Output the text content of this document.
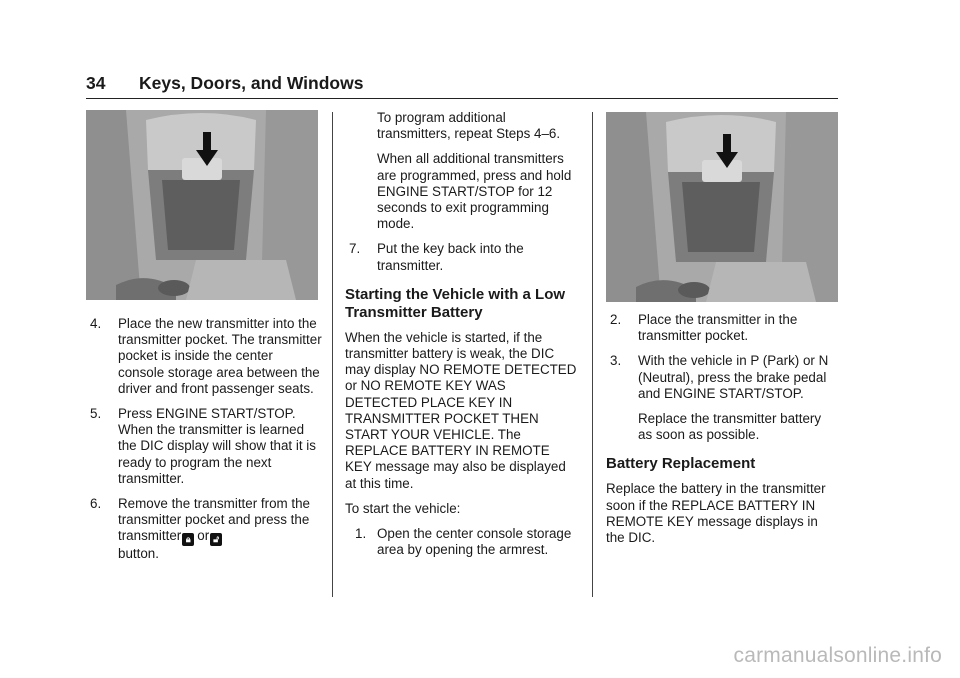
34 Keys, Doors, and Windows
4. Place the new transmitter into the transmitter pocket. The transmitter pocket is inside the center console storage area between the driver and front passenger seats.

5. Press ENGINE START/STOP. When the transmitter is learned the DIC display will show that it is ready to program the next transmitter.

6. Remove the transmitter from the transmitter pocket and press the transmitter 🔒︎ or 🔓︎
button.

To program additional transmitters, repeat Steps 4–6.

When all additional transmitters are programmed, press and hold ENGINE START/STOP for 12 seconds to exit programming mode.

7. Put the key back into the transmitter.

Starting the Vehicle with a Low Transmitter Battery

When the vehicle is started, if the transmitter battery is weak, the DIC may display NO REMOTE DETECTED or NO REMOTE KEY WAS DETECTED PLACE KEY IN TRANSMITTER POCKET THEN START YOUR VEHICLE. The REPLACE BATTERY IN REMOTE KEY message may also be displayed at this time.

To start the vehicle:

1. Open the center console storage area by opening the armrest.

2. Place the transmitter in the transmitter pocket.

3. With the vehicle in P (Park) or N (Neutral), press the brake pedal and ENGINE START/STOP.

Replace the transmitter battery as soon as possible.

Battery Replacement

Replace the battery in the transmitter soon if the REPLACE BATTERY IN REMOTE KEY message displays in the DIC.

carmanualsonline.info
